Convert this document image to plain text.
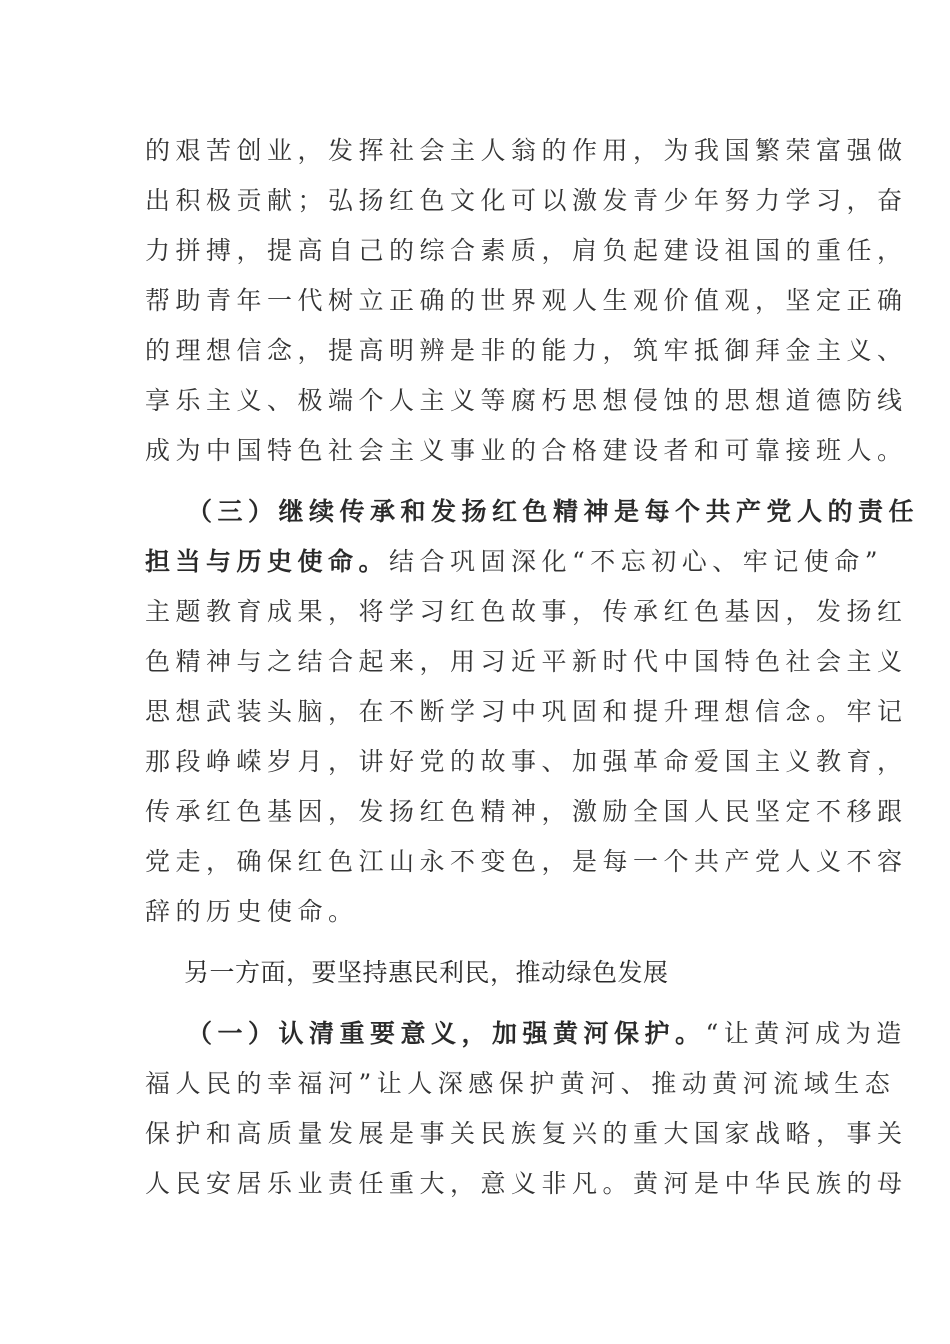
的艰苦创业，发挥社会主人翁的作用，为我国繁荣富强做
出积极贡献；弘扬红色文化可以激发青少年努力学习，奋
力拼搏，提高自己的综合素质，肩负起建设祖国的重任，
帮助青年一代树立正确的世界观人生观价值观，坚定正确
的理想信念，提高明辨是非的能力，筑牢抵御拜金主义、
享乐主义、极端个人主义等腐朽思想侵蚀的思想道德防线
成为中国特色社会主义事业的合格建设者和可靠接班人。
（三）继续传承和发扬红色精神是每个共产党人的责任
担当与历史使命。结合巩固深化“不忘初心、牢记使命”
主题教育成果，将学习红色故事，传承红色基因，发扬红
色精神与之结合起来，用习近平新时代中国特色社会主义
思想武装头脑，在不断学习中巩固和提升理想信念。牢记
那段峥嵘岁月，讲好党的故事、加强革命爱国主义教育，
传承红色基因，发扬红色精神，激励全国人民坚定不移跟
党走，确保红色江山永不变色，是每一个共产党人义不容
辞的历史使命。
另一方面，要坚持惠民利民，推动绿色发展
（一）认清重要意义，加强黄河保护。“让黄河成为造
福人民的幸福河”让人深感保护黄河、推动黄河流域生态
保护和高质量发展是事关民族复兴的重大国家战略，事关
人民安居乐业责任重大，意义非凡。黄河是中华民族的母
